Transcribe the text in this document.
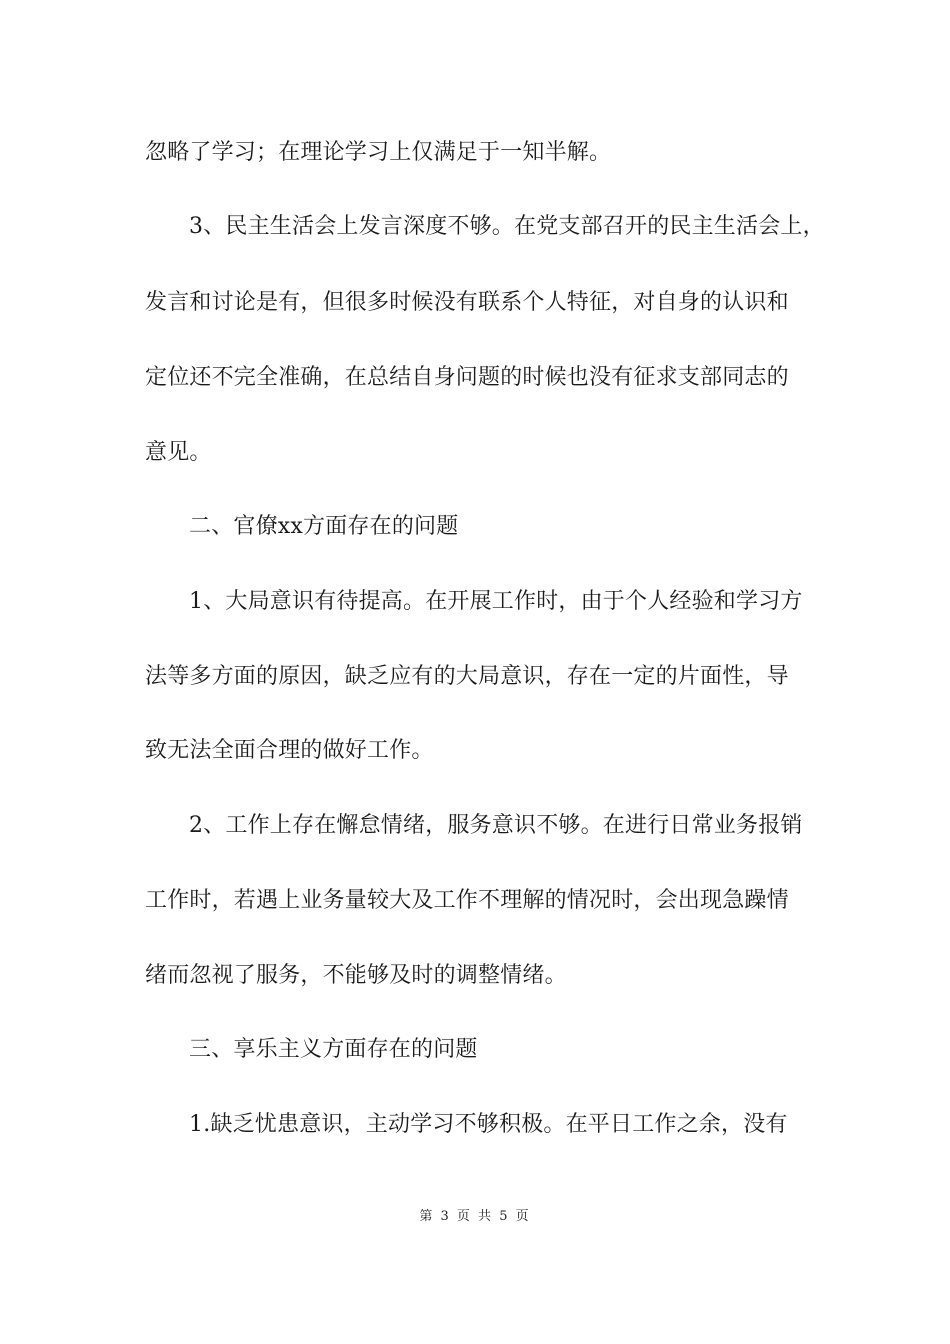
忽略了学习；在理论学习上仅满足于一知半解。
3、民主生活会上发言深度不够。在党支部召开的民主生活会上，
发言和讨论是有，但很多时候没有联系个人特征，对自身的认识和
定位还不完全准确，在总结自身问题的时候也没有征求支部同志的
意见。
二、官僚xx方面存在的问题
1、大局意识有待提高。在开展工作时，由于个人经验和学习方
法等多方面的原因，缺乏应有的大局意识，存在一定的片面性，导
致无法全面合理的做好工作。
2、工作上存在懈怠情绪，服务意识不够。在进行日常业务报销
工作时，若遇上业务量较大及工作不理解的情况时，会出现急躁情
绪而忽视了服务，不能够及时的调整情绪。
三、享乐主义方面存在的问题
1.缺乏忧患意识，主动学习不够积极。在平日工作之余，没有
第 3 页 共 5 页
